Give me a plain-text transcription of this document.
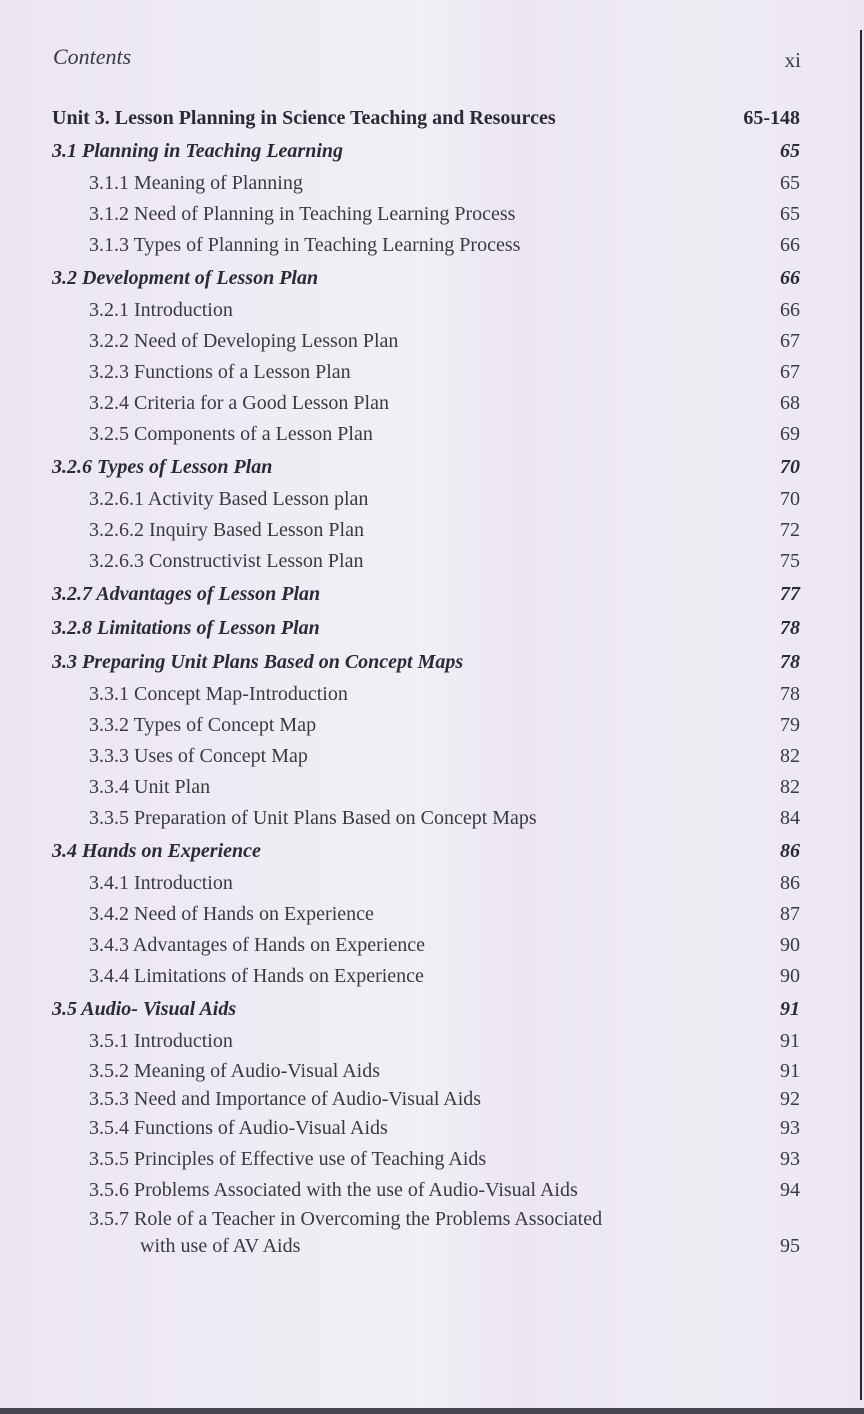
Contents	xi
Unit 3. Lesson Planning in Science Teaching and Resources	65-148
3.1 Planning in Teaching Learning	65
3.1.1 Meaning of Planning	65
3.1.2 Need of Planning in Teaching Learning Process	65
3.1.3 Types of Planning in Teaching Learning Process	66
3.2 Development of Lesson Plan	66
3.2.1 Introduction	66
3.2.2 Need of Developing Lesson Plan	67
3.2.3 Functions of a Lesson Plan	67
3.2.4 Criteria for a Good Lesson Plan	68
3.2.5 Components of a Lesson Plan	69
3.2.6 Types of Lesson Plan	70
3.2.6.1 Activity Based Lesson plan	70
3.2.6.2 Inquiry Based Lesson Plan	72
3.2.6.3 Constructivist Lesson Plan	75
3.2.7 Advantages of Lesson Plan	77
3.2.8 Limitations of Lesson Plan	78
3.3 Preparing Unit Plans Based on Concept Maps	78
3.3.1 Concept Map-Introduction	78
3.3.2 Types of Concept Map	79
3.3.3 Uses of Concept Map	82
3.3.4 Unit Plan	82
3.3.5 Preparation of Unit Plans Based on Concept Maps	84
3.4 Hands on Experience	86
3.4.1 Introduction	86
3.4.2 Need of Hands on Experience	87
3.4.3 Advantages of Hands on Experience	90
3.4.4 Limitations of Hands on Experience	90
3.5 Audio- Visual Aids	91
3.5.1 Introduction	91
3.5.2 Meaning of Audio-Visual Aids	91
3.5.3 Need and Importance of Audio-Visual Aids	92
3.5.4 Functions of Audio-Visual Aids	93
3.5.5 Principles of Effective use of Teaching Aids	93
3.5.6 Problems Associated with the use of Audio-Visual Aids	94
3.5.7 Role of a Teacher in Overcoming the Problems Associated
with use of AV Aids	95
